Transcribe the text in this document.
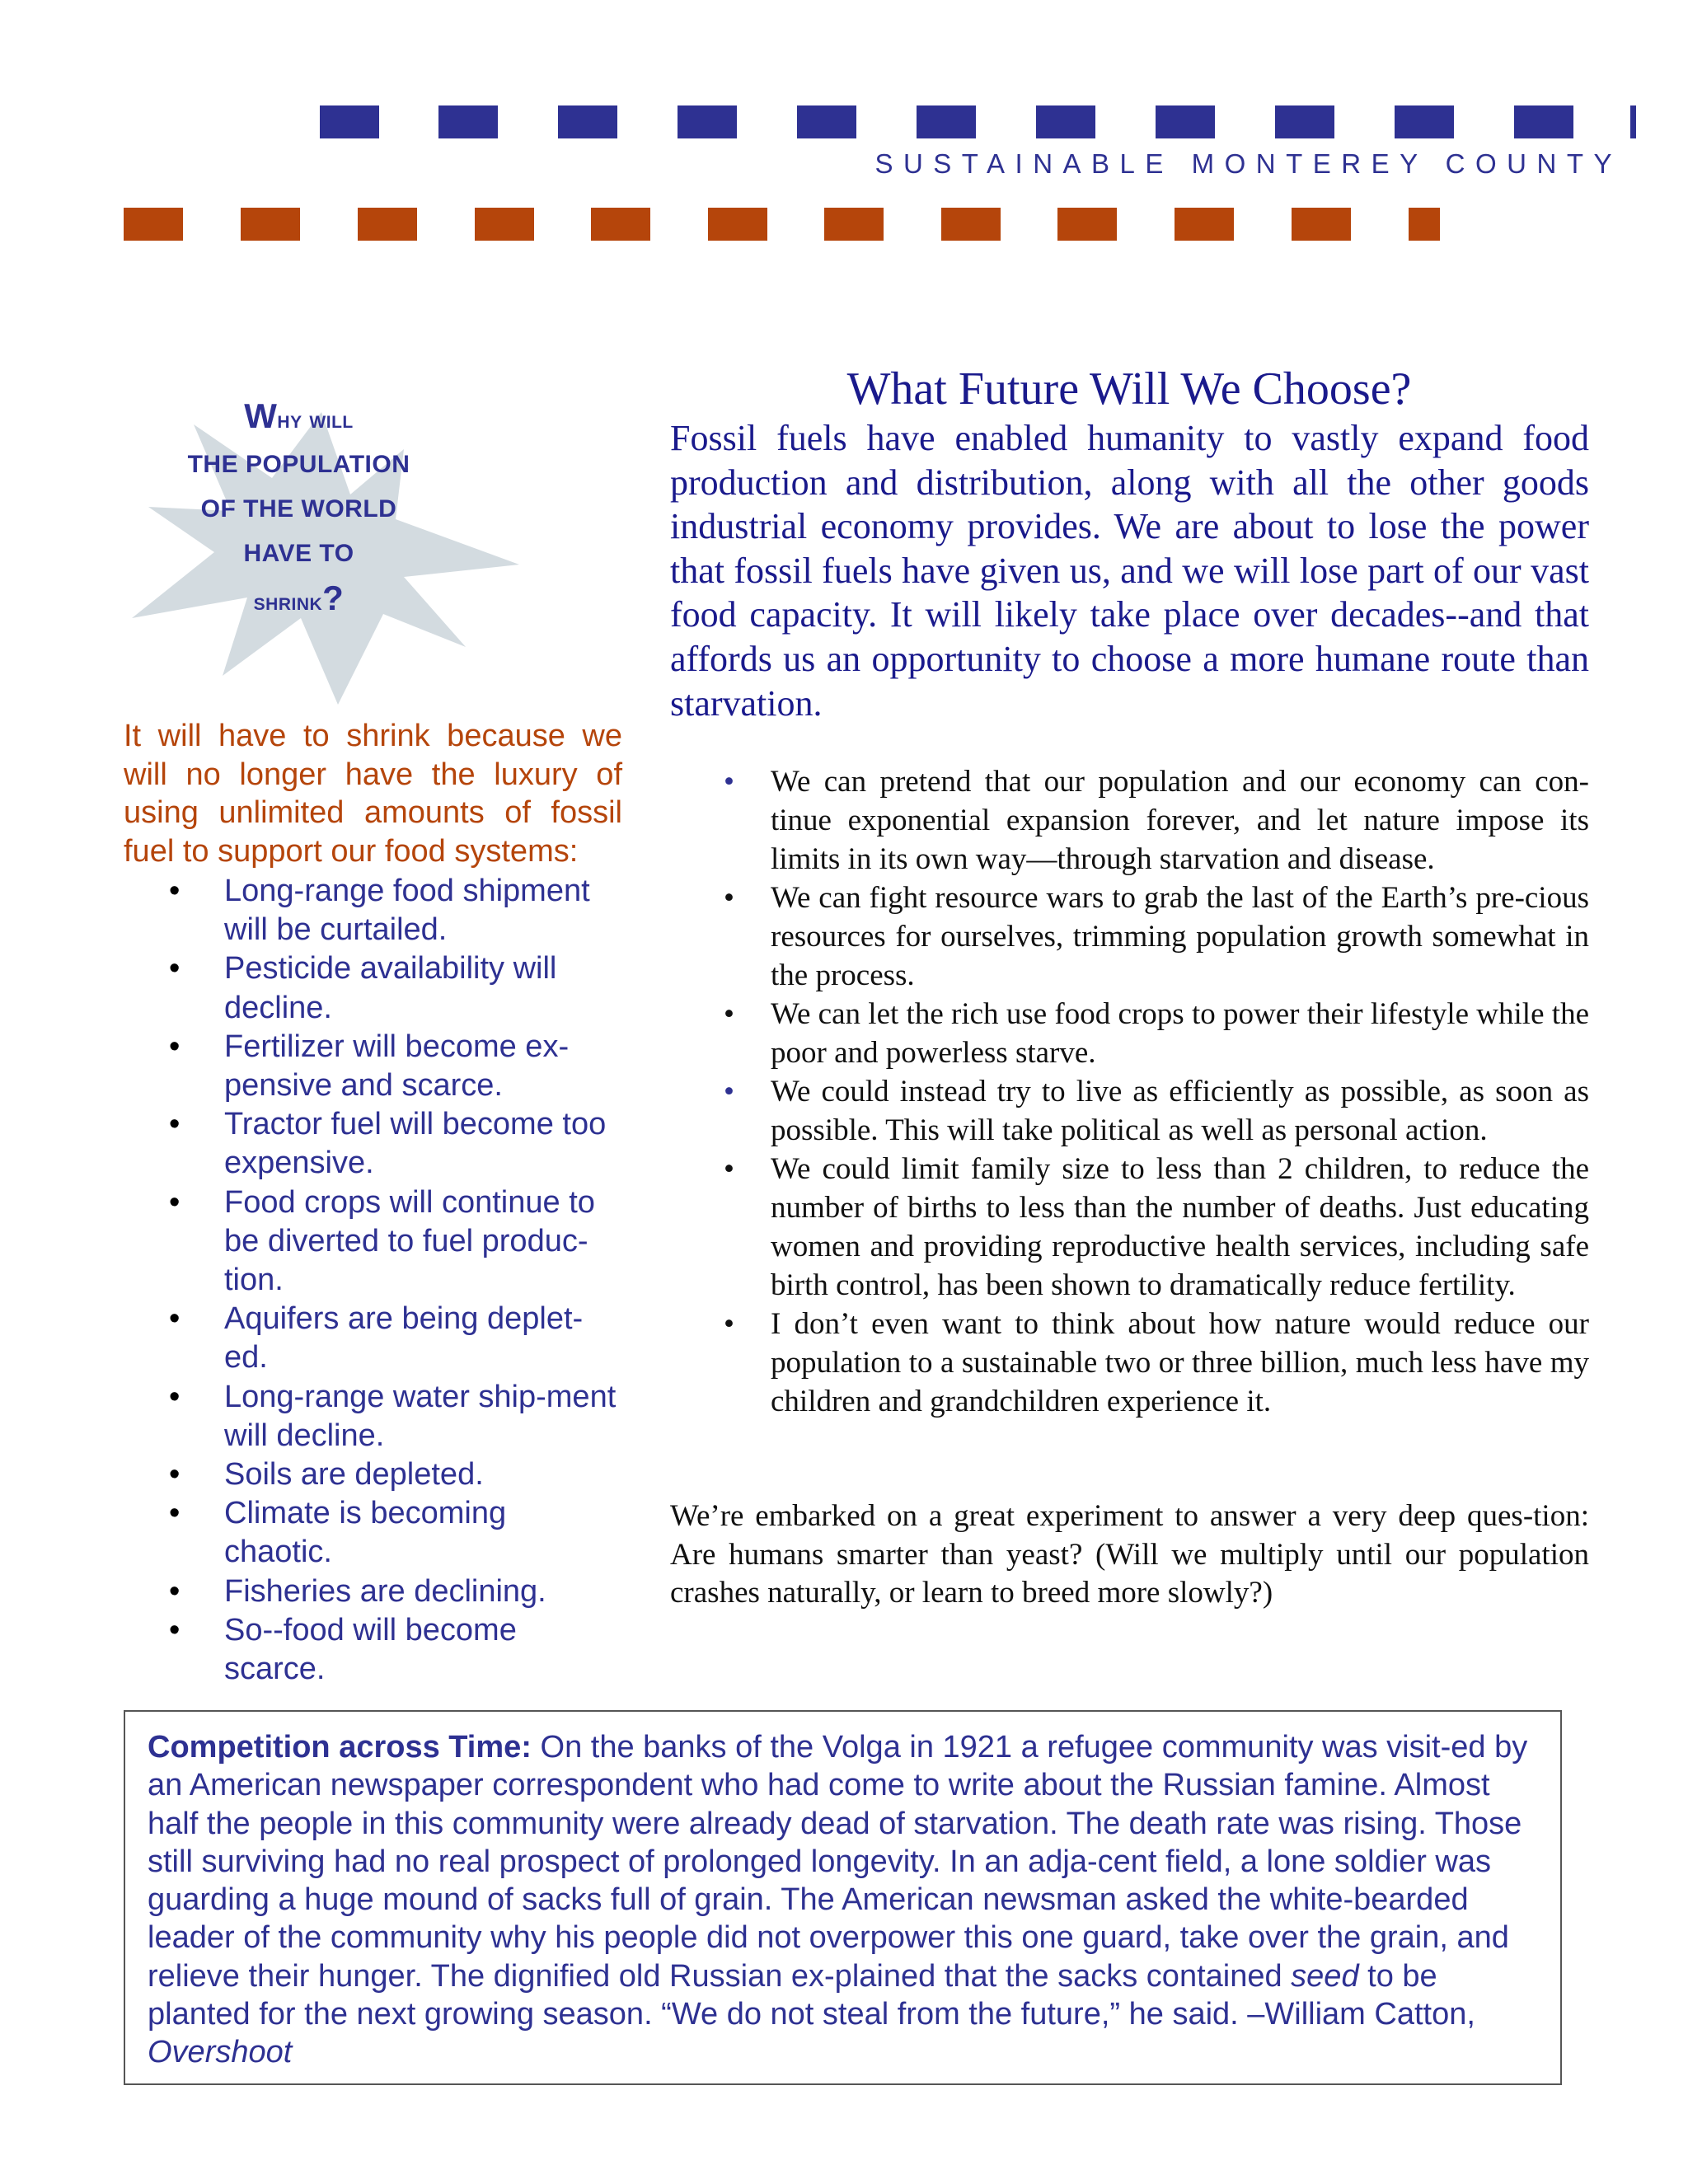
SUSTAINABLE MONTEREY COUNTY
Why will
THE POPULATION
OF THE WORLD
HAVE TO
shrink?
It will have to shrink because we will no longer have the luxury of using unlimited amounts of fossil fuel to support our food systems:
• Long-range food shipment will be curtailed.
• Pesticide availability will decline.
• Fertilizer will become ex-pensive and scarce.
• Tractor fuel will become too expensive.
• Food crops will continue to be diverted to fuel produc-tion.
• Aquifers are being deplet-ed.
• Long-range water ship-ment will decline.
• Soils are depleted.
• Climate is becoming chaotic.
• Fisheries are declining.
• So--food will become scarce.
What Future Will We Choose?
Fossil fuels have enabled humanity to vastly expand food production and distribution, along with all the other goods industrial economy provides. We are about to lose the power that fossil fuels have given us, and we will lose part of our vast food capacity. It will likely take place over decades--and that affords us an opportunity to choose a more humane route than starvation.
• We can pretend that our population and our economy can con-tinue exponential expansion forever, and let nature impose its limits in its own way—through starvation and disease.
• We can fight resource wars to grab the last of the Earth’s pre-cious resources for ourselves, trimming population growth somewhat in the process.
• We can let the rich use food crops to power their lifestyle while the poor and powerless starve.
• We could instead try to live as efficiently as possible, as soon as possible. This will take political as well as personal action.
• We could limit family size to less than 2 children, to reduce the number of births to less than the number of deaths. Just educating women and providing reproductive health services, including safe birth control, has been shown to dramatically reduce fertility.
• I don’t even want to think about how nature would reduce our population to a sustainable two or three billion, much less have my children and grandchildren experience it.
We’re embarked on a great experiment to answer a very deep ques-tion: Are humans smarter than yeast? (Will we multiply until our population crashes naturally, or learn to breed more slowly?)
Competition across Time: On the banks of the Volga in 1921 a refugee community was visit-ed by an American newspaper correspondent who had come to write about the Russian famine. Almost half the people in this community were already dead of starvation. The death rate was rising. Those still surviving had no real prospect of prolonged longevity. In an adja-cent field, a lone soldier was guarding a huge mound of sacks full of grain. The American newsman asked the white-bearded leader of the community why his people did not overpower this one guard, take over the grain, and relieve their hunger. The dignified old Russian ex-plained that the sacks contained seed to be planted for the next growing season. “We do not steal from the future,” he said. –William Catton, Overshoot
